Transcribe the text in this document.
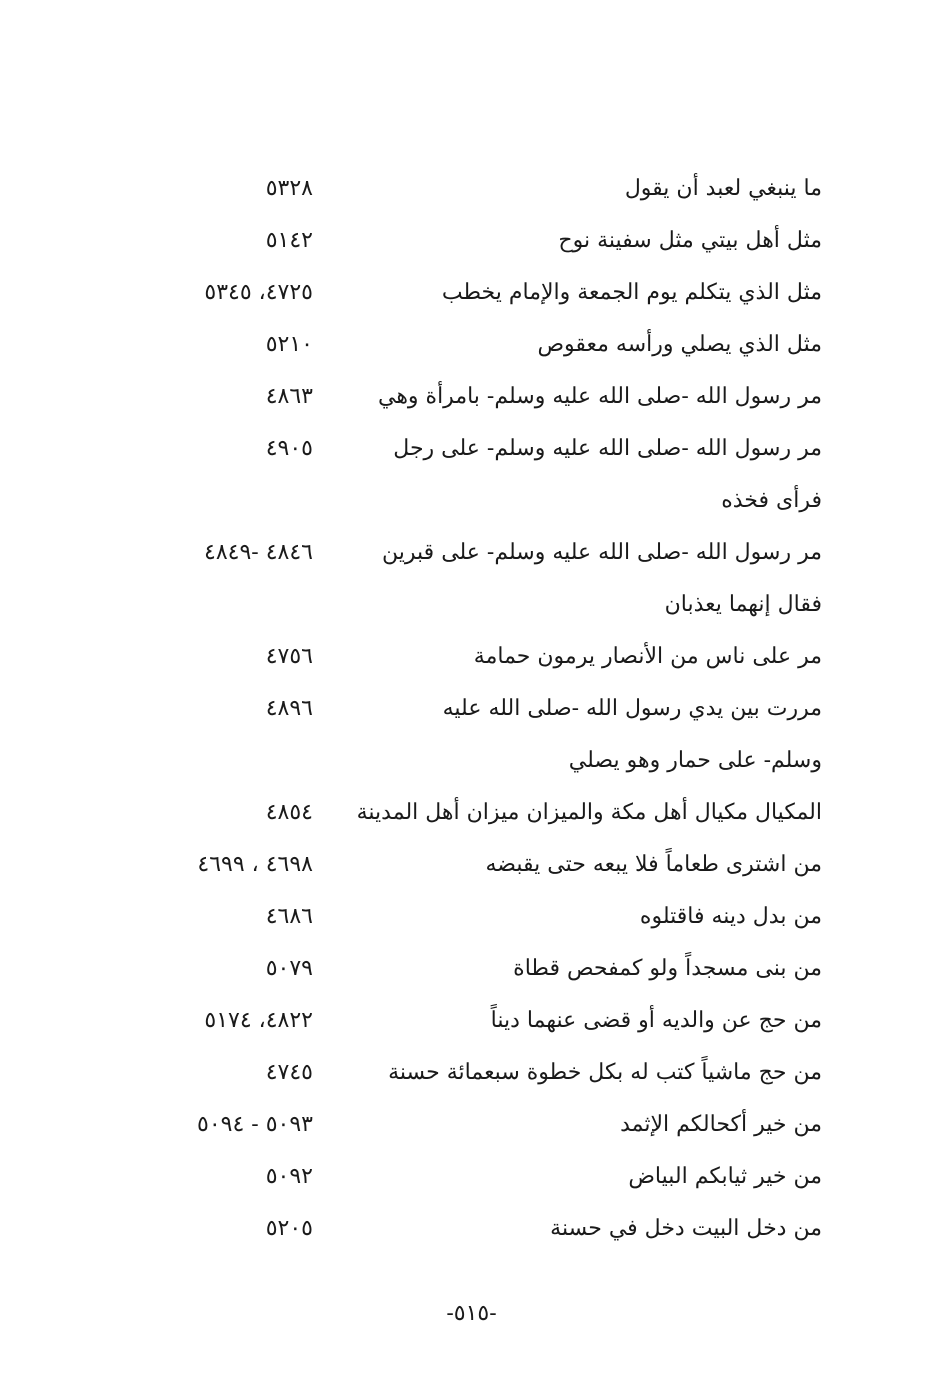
ما ينبغي لعبد أن يقول
٥٣٢٨
مثل أهل بيتي مثل سفينة نوح
٥١٤٢
مثل الذي يتكلم يوم الجمعة والإمام يخطب
٤٧٢٥، ٥٣٤٥
مثل الذي يصلي ورأسه معقوص
٥٢١٠
مر رسول الله -صلى الله عليه وسلم- بامرأة وهي
٤٨٦٣
مر رسول الله -صلى الله عليه وسلم- على رجل
٤٩٠٥
فرأى فخذه
مر رسول الله -صلى الله عليه وسلم- على قبرين
٤٨٤٦ -٤٨٤٩
فقال إنهما يعذبان
مر على ناس من الأنصار يرمون حمامة
٤٧٥٦
مررت بين يدي رسول الله -صلى الله عليه
٤٨٩٦
وسلم- على حمار وهو يصلي
المكيال مكيال أهل مكة والميزان ميزان أهل المدينة
٤٨٥٤
من اشترى طعاماً فلا يبعه حتى يقبضه
٤٦٩٨ ، ٤٦٩٩
من بدل دينه فاقتلوه
٤٦٨٦
من بنى مسجداً ولو كمفحص قطاة
٥٠٧٩
من حج عن والديه أو قضى عنهما ديناً
٤٨٢٢، ٥١٧٤
من حج ماشياً كتب له بكل خطوة سبعمائة حسنة
٤٧٤٥
من خير أكحالكم الإثمد
٥٠٩٣ - ٥٠٩٤
من خير ثيابكم البياض
٥٠٩٢
من دخل البيت دخل في حسنة
٥٢٠٥
-٥١٥-
